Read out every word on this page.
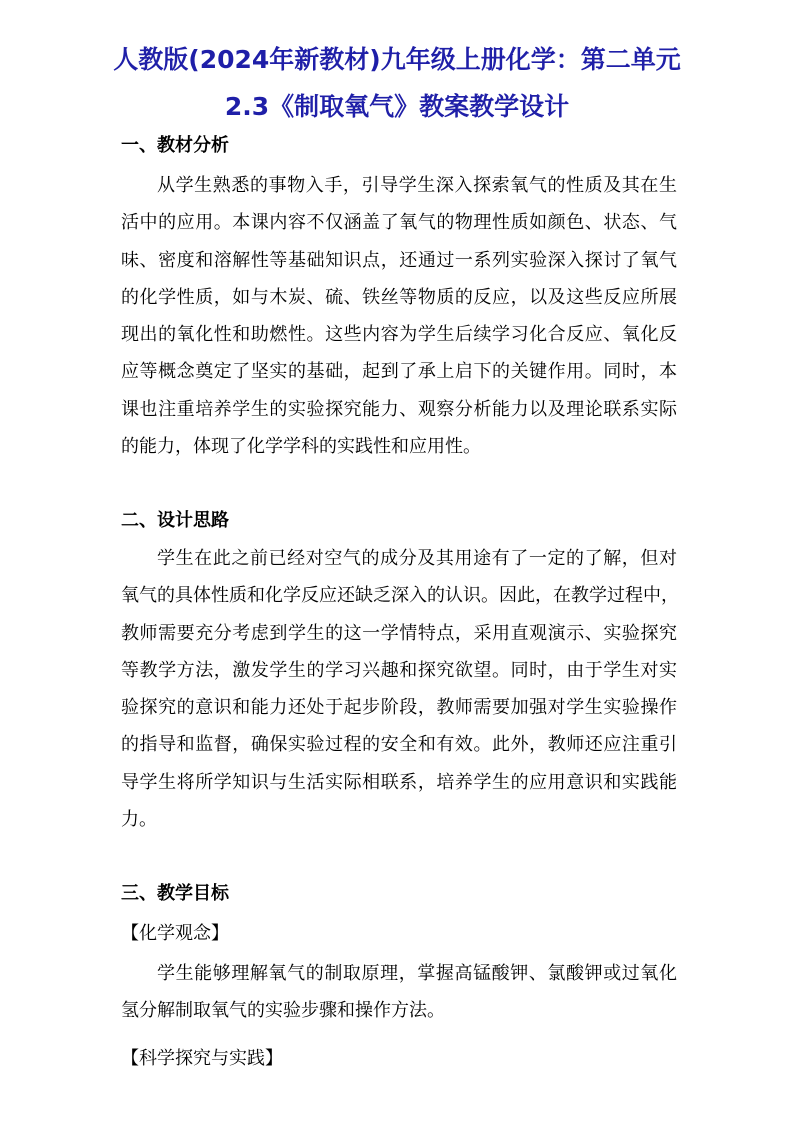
人教版(2024年新教材)九年级上册化学：第二单元
2.3《制取氧气》教案教学设计
一、教材分析
从学生熟悉的事物入手，引导学生深入探索氧气的性质及其在生
活中的应用。本课内容不仅涵盖了氧气的物理性质如颜色、状态、气
味、密度和溶解性等基础知识点，还通过一系列实验深入探讨了氧气
的化学性质，如与木炭、硫、铁丝等物质的反应，以及这些反应所展
现出的氧化性和助燃性。这些内容为学生后续学习化合反应、氧化反
应等概念奠定了坚实的基础，起到了承上启下的关键作用。同时，本
课也注重培养学生的实验探究能力、观察分析能力以及理论联系实际
的能力，体现了化学学科的实践性和应用性。
二、设计思路
学生在此之前已经对空气的成分及其用途有了一定的了解，但对
氧气的具体性质和化学反应还缺乏深入的认识。因此，在教学过程中，
教师需要充分考虑到学生的这一学情特点，采用直观演示、实验探究
等教学方法，激发学生的学习兴趣和探究欲望。同时，由于学生对实
验探究的意识和能力还处于起步阶段，教师需要加强对学生实验操作
的指导和监督，确保实验过程的安全和有效。此外，教师还应注重引
导学生将所学知识与生活实际相联系，培养学生的应用意识和实践能
力。
三、教学目标
【化学观念】
学生能够理解氧气的制取原理，掌握高锰酸钾、氯酸钾或过氧化
氢分解制取氧气的实验步骤和操作方法。
【科学探究与实践】
